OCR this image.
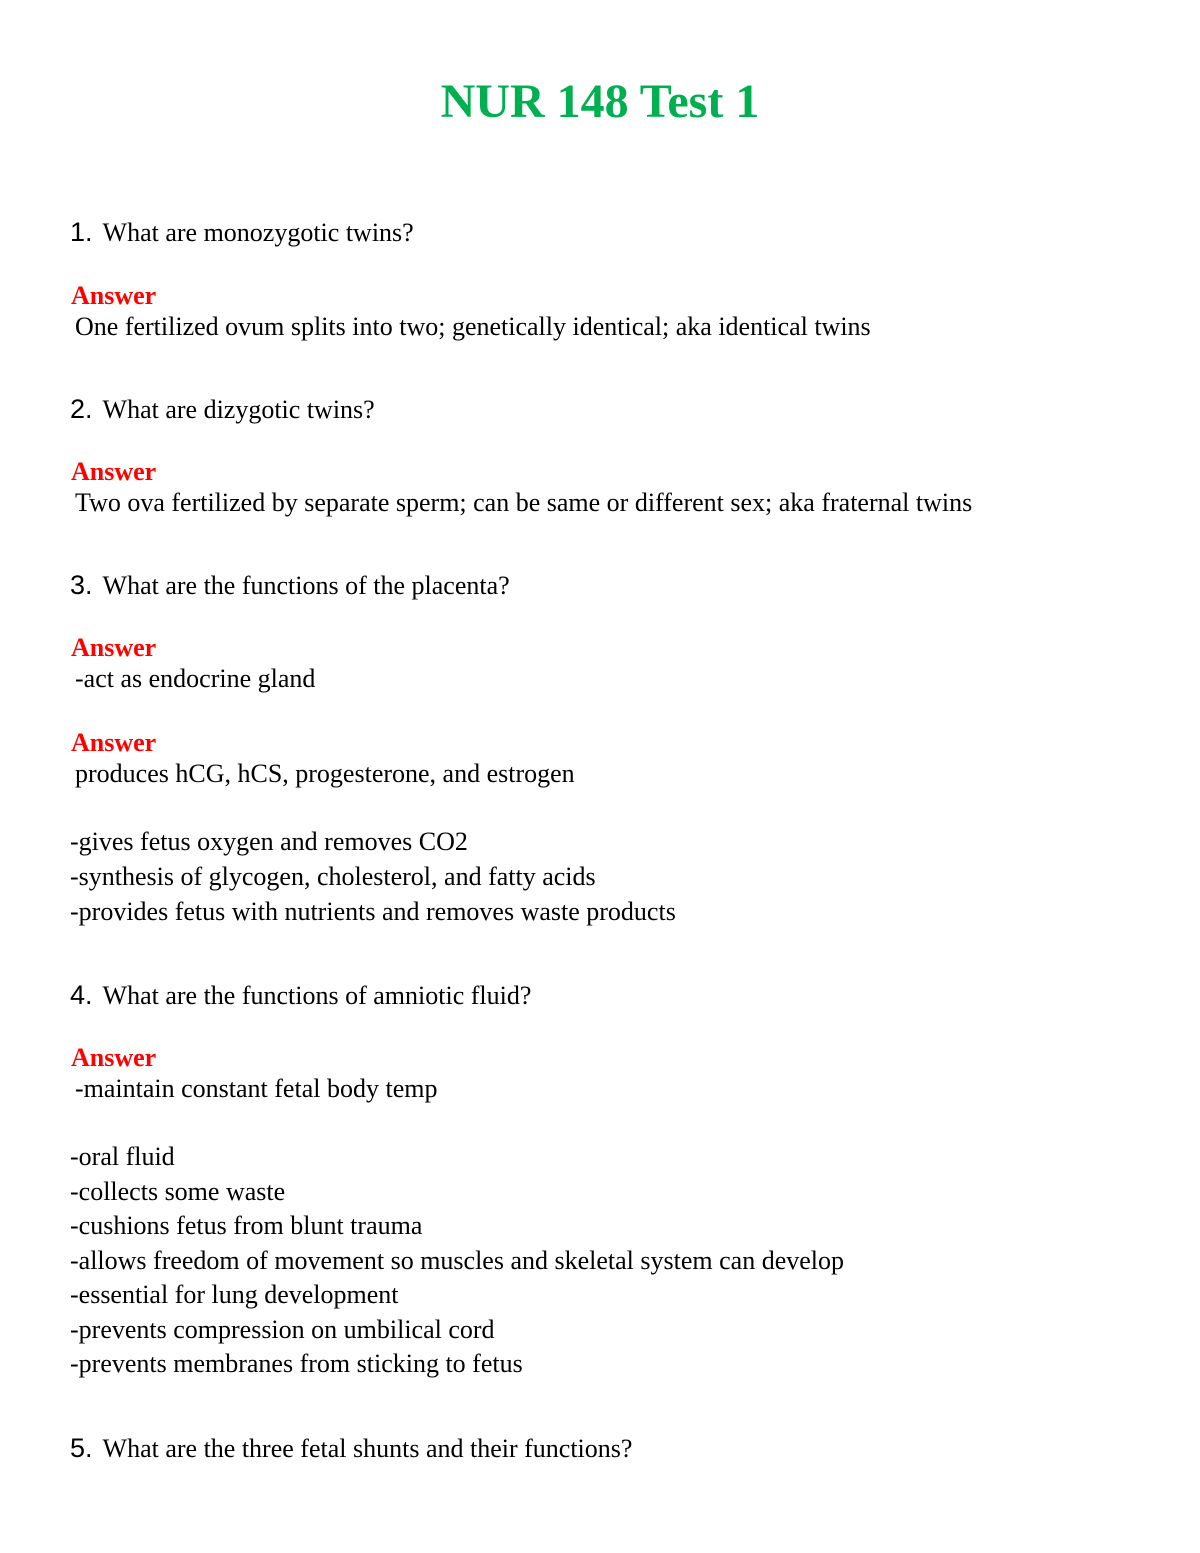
NUR 148 Test 1
1. What are monozygotic twins?
Answer
One fertilized ovum splits into two; genetically identical; aka identical twins
2. What are dizygotic twins?
Answer
Two ova fertilized by separate sperm; can be same or different sex; aka fraternal twins
3. What are the functions of the placenta?
Answer
-act as endocrine gland
Answer
produces hCG, hCS, progesterone, and estrogen
-gives fetus oxygen and removes CO2
-synthesis of glycogen, cholesterol, and fatty acids
-provides fetus with nutrients and removes waste products
4. What are the functions of amniotic fluid?
Answer
-maintain constant fetal body temp
-oral fluid
-collects some waste
-cushions fetus from blunt trauma
-allows freedom of movement so muscles and skeletal system can develop
-essential for lung development
-prevents compression on umbilical cord
-prevents membranes from sticking to fetus
5. What are the three fetal shunts and their functions?
